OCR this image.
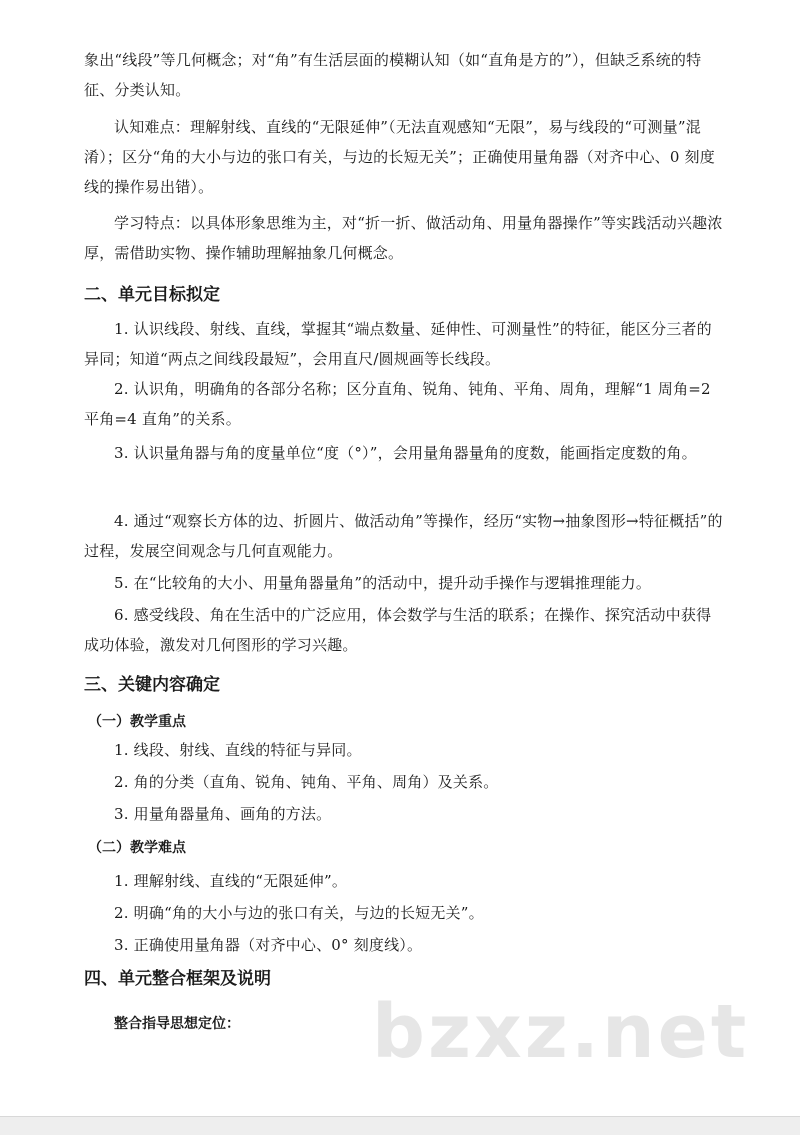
象出“线段”等几何概念；对“角”有生活层面的模糊认知（如“直角是方的”），但缺乏系统的特征、分类认知。

认知难点：理解射线、直线的“无限延伸”（无法直观感知“无限”，易与线段的“可测量”混淆）；区分“角的大小与边的张口有关，与边的长短无关”；正确使用量角器（对齐中心、0 刻度线的操作易出错）。

学习特点：以具体形象思维为主，对“折一折、做活动角、用量角器操作”等实践活动兴趣浓厚，需借助实物、操作辅助理解抽象几何概念。

二、单元目标拟定

1. 认识线段、射线、直线，掌握其“端点数量、延伸性、可测量性”的特征，能区分三者的异同；知道“两点之间线段最短”，会用直尺/圆规画等长线段。

2. 认识角，明确角的各部分名称；区分直角、锐角、钝角、平角、周角，理解“1 周角=2 平角=4 直角”的关系。

3. 认识量角器与角的度量单位“度（°）”，会用量角器量角的度数，能画指定度数的角。

4. 通过“观察长方体的边、折圆片、做活动角”等操作，经历“实物→抽象图形→特征概括”的过程，发展空间观念与几何直观能力。

5. 在“比较角的大小、用量角器量角”的活动中，提升动手操作与逻辑推理能力。

6. 感受线段、角在生活中的广泛应用，体会数学与生活的联系；在操作、探究活动中获得成功体验，激发对几何图形的学习兴趣。

三、关键内容确定
（一）教学重点

1. 线段、射线、直线的特征与异同。

2. 角的分类（直角、锐角、钝角、平角、周角）及关系。

3. 用量角器量角、画角的方法。

（二）教学难点

1. 理解射线、直线的“无限延伸”。

2. 明确“角的大小与边的张口有关，与边的长短无关”。

3. 正确使用量角器（对齐中心、0° 刻度线）。

四、单元整合框架及说明
整合指导思想定位： bzxz.net
